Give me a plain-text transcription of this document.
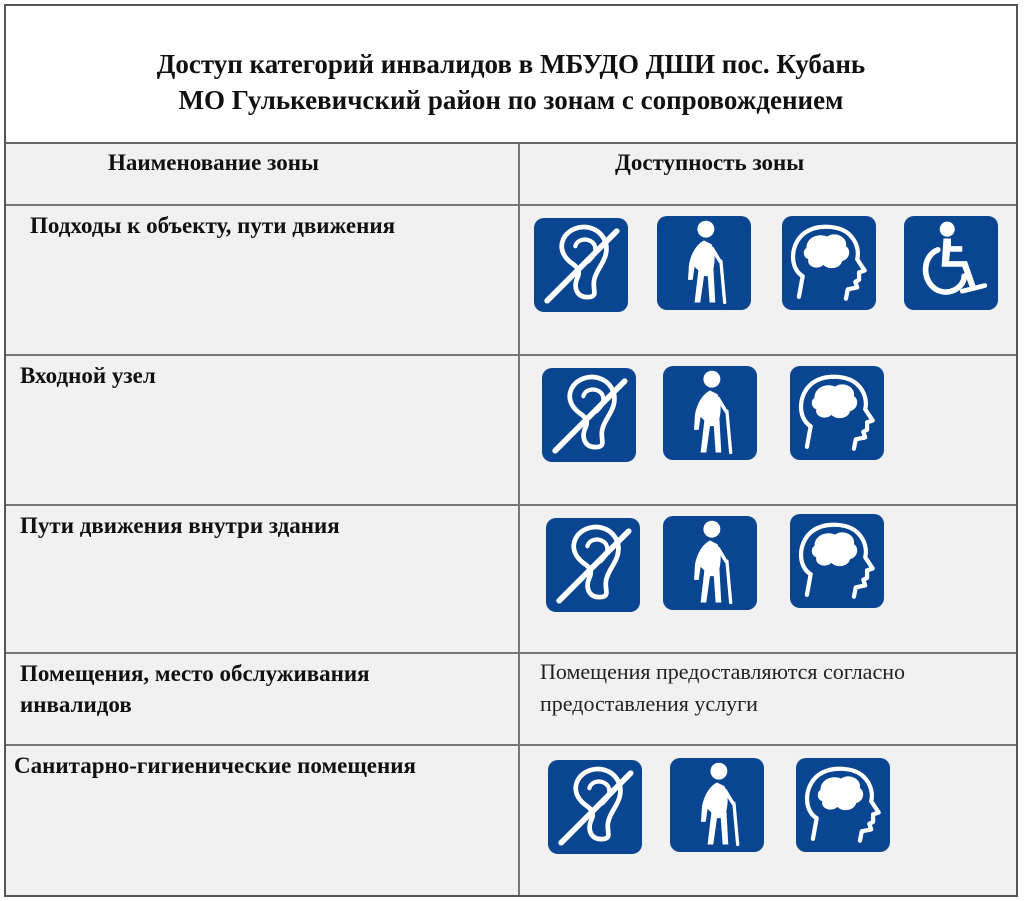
Доступ категорий инвалидов в МБУДО ДШИ пос. Кубань
МО Гулькевичский район по зонам с сопровождением
Наименование зоны	Доступность зоны
Подходы к объекту, пути движения
Входной узел
Пути движения внутри здания
Помещения, место обслуживания
инвалидов
Помещения предоставляются согласно
предоставления услуги
Санитарно-гигиенические помещения
